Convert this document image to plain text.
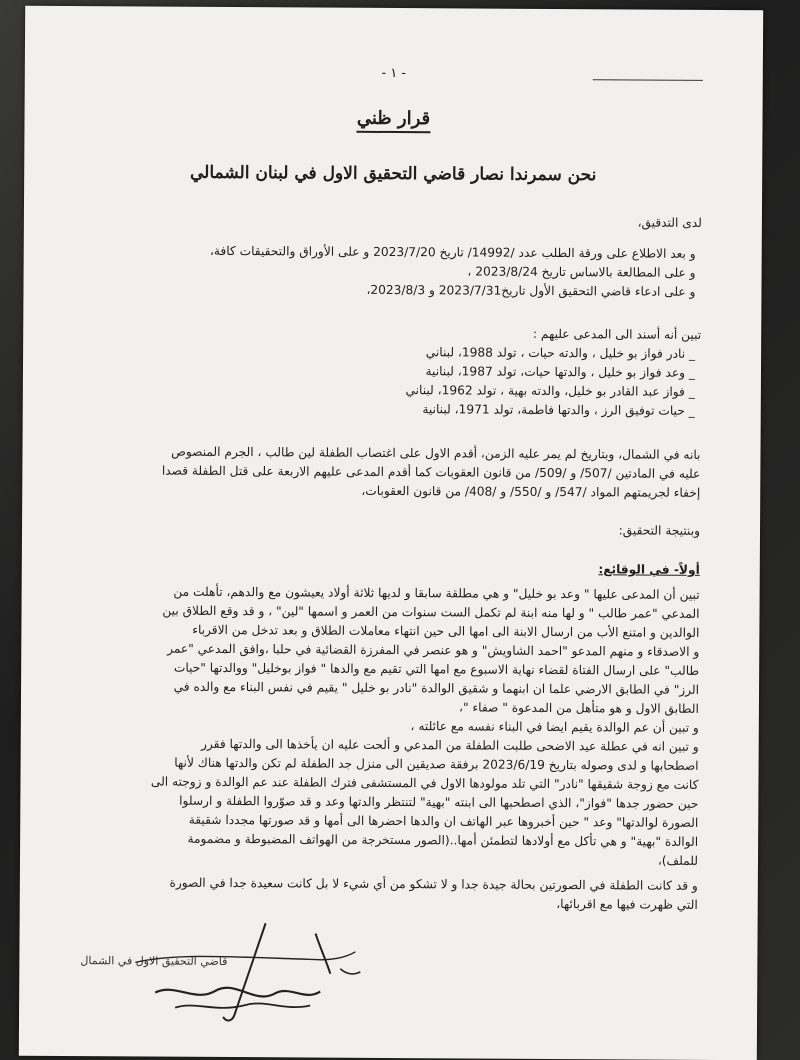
- ١ -
قرار ظني
نحن سمرندا نصار قاضي التحقيق الاول في لبنان الشمالي

لدى التدقيق،

و بعد الاطلاع على ورقة الطلب عدد /14992/ تاريخ 2023/7/20 و على الأوراق والتحقيقات كافة،

و على المطالعة بالاساس تاريخ 2023/8/24 ،

و على ادعاء قاضي التحقيق الأول تاريخ2023/7/31 و 2023/8/3،

تبين أنه أسند الى المدعى عليهم :

_ نادر فواز بو خليل ، والدته حيات ، تولد 1988، لبناني

_ وعد فواز بو خليل ، والدتها حيات، تولد 1987، لبنانية

_ فواز عبد القادر بو خليل، والدته بهية ، تولد 1962، لبناني

_ حيات توفيق الرز ، والدتها فاطمة، تولد 1971، لبنانية

بانه في الشمال، وبتاريخ لم يمر عليه الزمن، أقدم الاول على اغتصاب الطفلة لين طالب ، الجرم المنصوص

عليه في المادتين /507/ و /509/ من قانون العقوبات كما أقدم المدعى عليهم الاربعة على قتل الطفلة قصدا

إخفاء لجريمتهم المواد /547/ و /550/ و /408/ من قانون العقوبات،

وبنتيجة التحقيق:

أولاً- في الوقائع:

تبين أن المدعى عليها " وعد بو خليل" و هي مطلقة سابقا و لديها ثلاثة أولاد يعيشون مع والدهم، تأهلت من

المدعي "عمر طالب " و لها منه ابنة لم تكمل الست سنوات من العمر و اسمها "لين" ، و قد وقع الطلاق بين

الوالدين و امتنع الأب من ارسال الابنة الى امها الى حين انتهاء معاملات الطلاق و بعد تدخل من الاقرباء

و الاصدقاء و منهم المدعو "احمد الشاويش" و هو عنصر في المفرزة القضائية في حلبا ،وافق المدعي "عمر

طالب" على ارسال الفتاة لقضاء نهاية الاسبوع مع امها التي تقيم مع والدها " فواز بوخليل" ووالدتها "حيات

الرز" في الطابق الارضي علما ان ابنهما و شقيق الوالدة "نادر بو خليل " يقيم في نفس البناء مع والده في

الطابق الاول و هو متأهل من المدعوة " صفاء "،

و تبين أن عم الوالدة يقيم ايضا في البناء نفسه مع عائلته ،

و تبين انه في عطلة عيد الاضحى طلبت الطفلة من المدعي و ألحت عليه ان يأخذها الى والدتها فقرر

اصطحابها و لدى وصوله بتاريخ 2023/6/19 برفقة صديقين الى منزل جد الطفلة لم تكن والدتها هناك لأنها

كانت مع زوجة شقيقها "نادر" التي تلد مولودها الاول في المستشفى فترك الطفلة عند عم الوالدة و زوجته الى

حين حضور جدها "فواز"، الذي اصطحبها الى ابنته "بهية" لتنتظر والدتها وعد و قد صوّروا الطفلة و ارسلوا

الصورة لوالدتها" وعد " حين أخبروها عبر الهاتف ان والدها احضرها الى أمها و قد صورتها مجددا شقيقة

الوالدة "بهية" و هي تأكل مع أولادها لتطمئن أمها..(الصور مستخرجة من الهواتف المضبوطة و مضمومة

للملف)،

و قد كانت الطفلة في الصورتين بحالة جيدة جدا و لا تشكو من أي شيء لا بل كانت سعيدة جدا في الصورة

التي ظهرت فيها مع اقربائها،

قاضي التحقيق الاول في الشمال
